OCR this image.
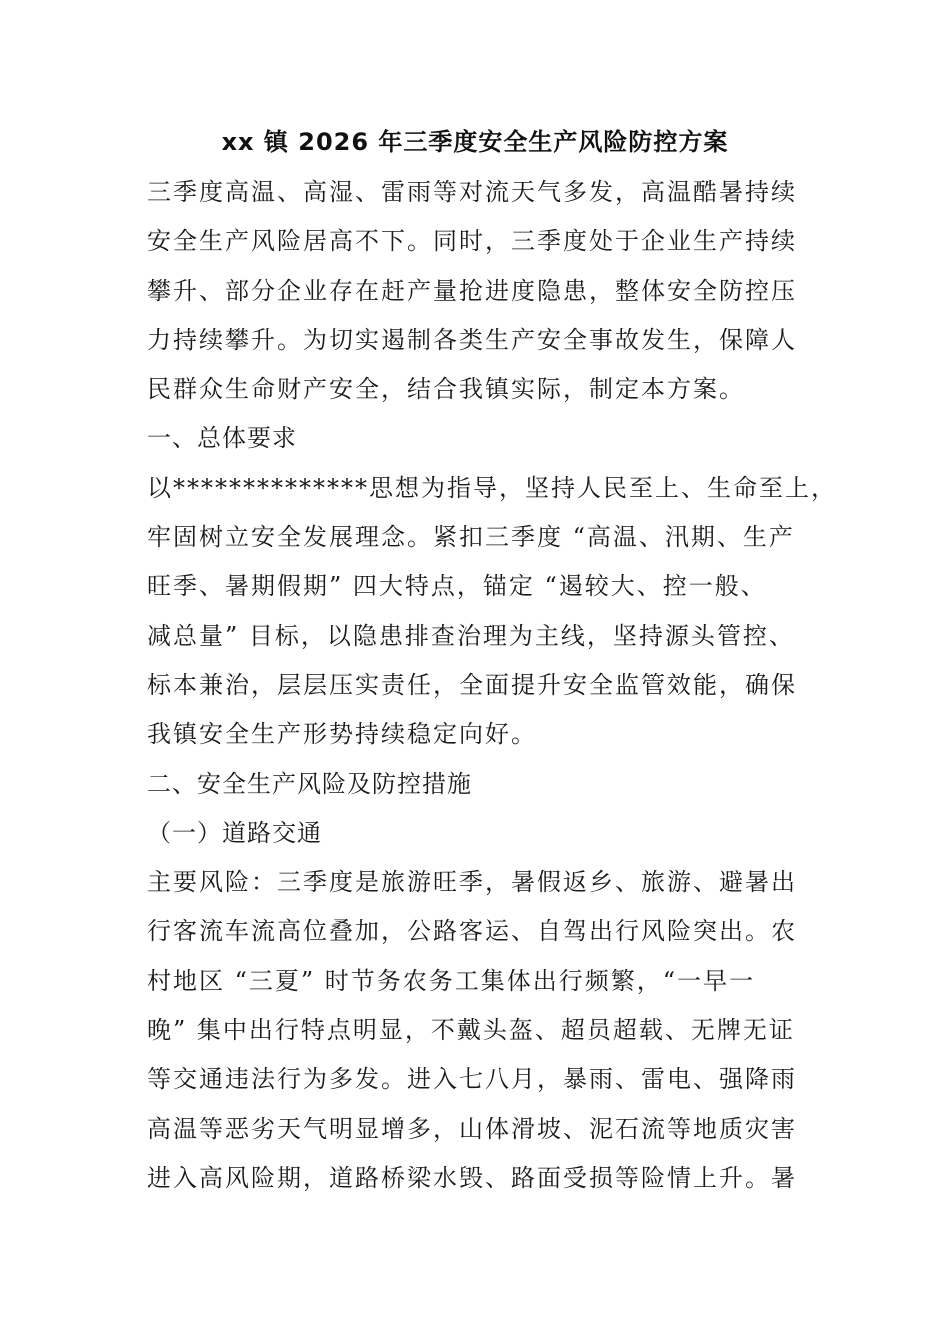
xx 镇 2026 年三季度安全生产风险防控方案
三季度高温、高湿、雷雨等对流天气多发，高温酷暑持续
安全生产风险居高不下。同时，三季度处于企业生产持续
攀升、部分企业存在赶产量抢进度隐患，整体安全防控压
力持续攀升。为切实遏制各类生产安全事故发生，保障人
民群众生命财产安全，结合我镇实际，制定本方案。
一、总体要求
以**************思想为指导，坚持人民至上、生命至上，
牢固树立安全发展理念。紧扣三季度 “高温、汛期、生产
旺季、暑期假期” 四大特点，锚定 “遏较大、控一般、
减总量” 目标，以隐患排查治理为主线，坚持源头管控、
标本兼治，层层压实责任，全面提升安全监管效能，确保
我镇安全生产形势持续稳定向好。
二、安全生产风险及防控措施
（一）道路交通
主要风险：三季度是旅游旺季，暑假返乡、旅游、避暑出
行客流车流高位叠加，公路客运、自驾出行风险突出。农
村地区 “三夏” 时节务农务工集体出行频繁，“一早一
晚” 集中出行特点明显，不戴头盔、超员超载、无牌无证
等交通违法行为多发。进入七八月，暴雨、雷电、强降雨
高温等恶劣天气明显增多，山体滑坡、泥石流等地质灾害
进入高风险期，道路桥梁水毁、路面受损等险情上升。暑
